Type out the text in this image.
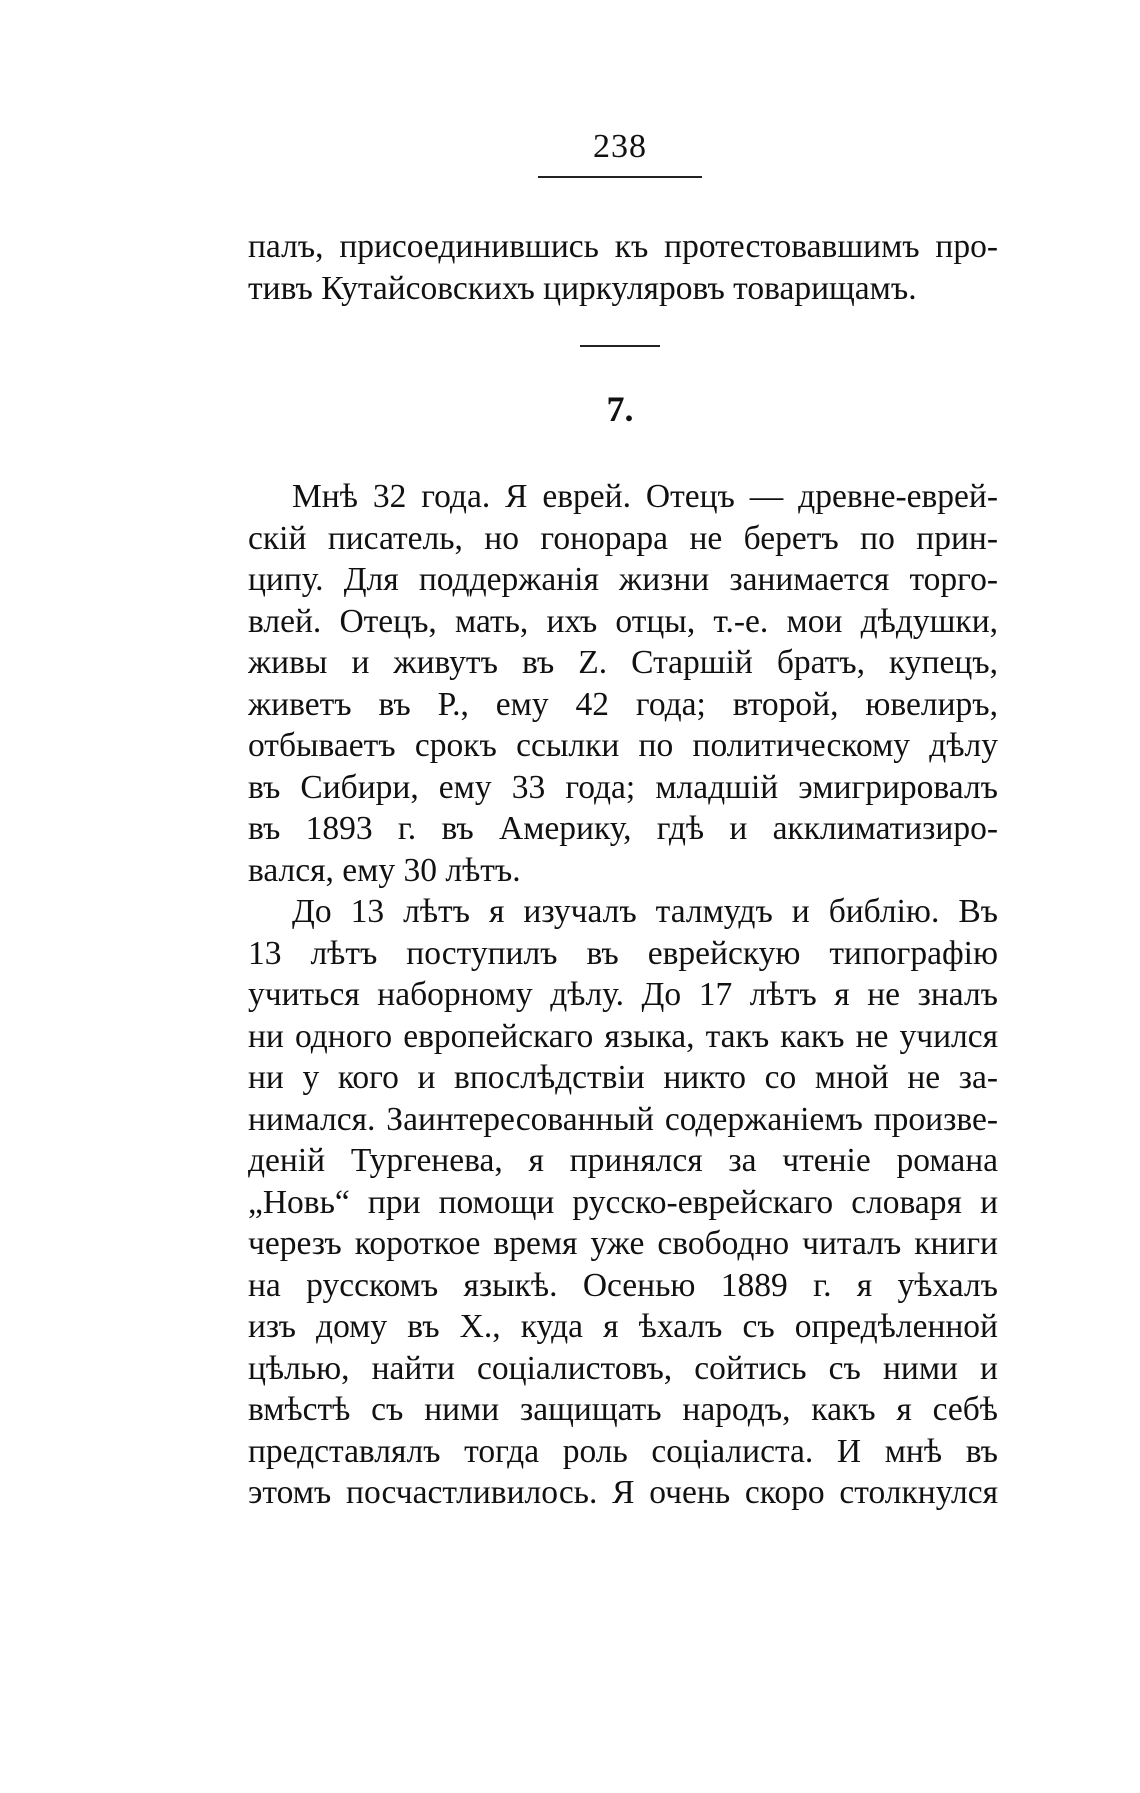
238
палъ, присоединившись къ протестовавшимъ про-
тивъ Кутайсовскихъ циркуляровъ товарищамъ.
7.
Мнѣ 32 года. Я еврей. Отецъ — древне-еврей-
скій писатель, но гонорара не беретъ по прин-
ципу. Для поддержанія жизни занимается торго-
влей. Отецъ, мать, ихъ отцы, т.-е. мои дѣдушки,
живы и живутъ въ Z. Старшій братъ, купецъ,
живетъ въ Р., ему 42 года; второй, ювелиръ,
отбываетъ срокъ ссылки по политическому дѣлу
въ Сибири, ему 33 года; младшій эмигрировалъ
въ 1893 г. въ Америку, гдѣ и акклиматизиро-
вался, ему 30 лѣтъ.
До 13 лѣтъ я изучалъ талмудъ и библію. Въ
13 лѣтъ поступилъ въ еврейскую типографію
учиться наборному дѣлу. До 17 лѣтъ я не зналъ
ни одного европейскаго языка, такъ какъ не учился
ни у кого и впослѣдствіи никто со мной не за-
нимался. Заинтересованный содержаніемъ произве-
деній Тургенева, я принялся за чтеніе романа
„Новь“ при помощи русско-еврейскаго словаря и
черезъ короткое время уже свободно читалъ книги
на русскомъ языкѣ. Осенью 1889 г. я уѣхалъ
изъ дому въ X., куда я ѣхалъ съ опредѣленной
цѣлью, найти соціалистовъ, сойтись съ ними и
вмѣстѣ съ ними защищать народъ, какъ я себѣ
представлялъ тогда роль соціалиста. И мнѣ въ
этомъ посчастливилось. Я очень скоро столкнулся
